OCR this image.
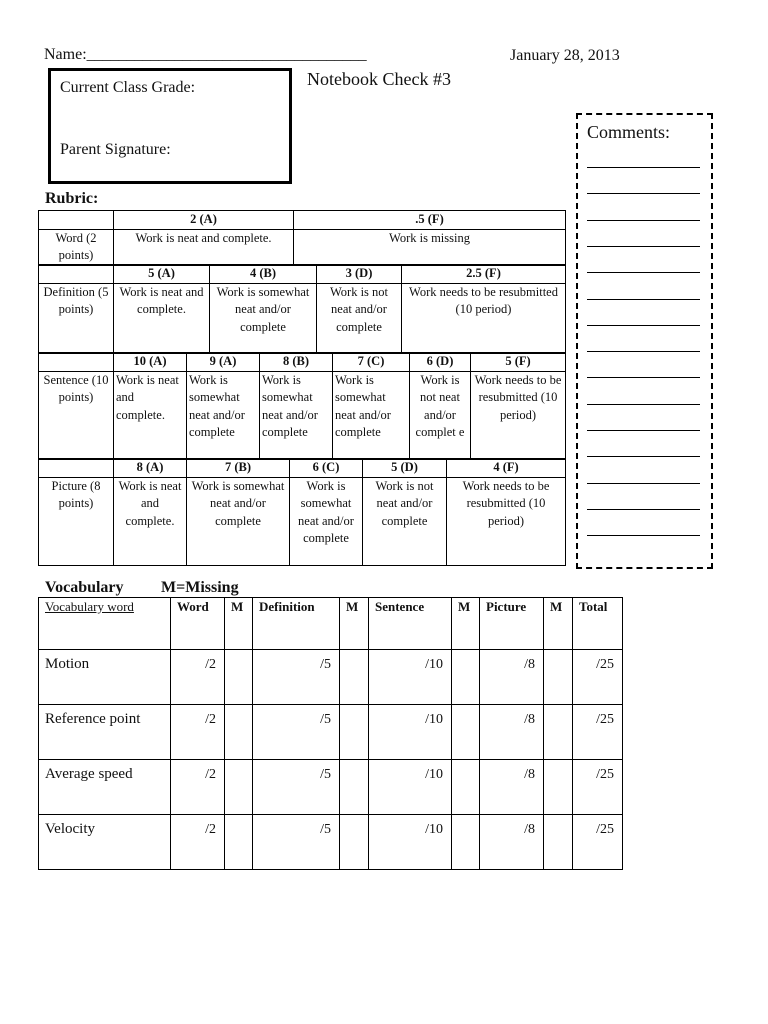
Name:___________________________________	January 28, 2013
Notebook Check #3
Current Class Grade:
Parent Signature:
Rubric:
Comments:
	2 (A)	.5 (F)
Word (2 points)	Work is neat and complete.	Work is missing
	5 (A)	4 (B)	3 (D)	2.5 (F)
Definition (5 points)	Work is neat and complete.	Work is somewhat neat and/or complete	Work is not neat and/or complete	Work needs to be resubmitted (10 period)
	10 (A)	9 (A)	8 (B)	7 (C)	6 (D)	5 (F)
Sentence (10 points)	Work is neat and complete.	Work is somewhat neat and/or complete	Work is somewhat neat and/or complete	Work is somewhat neat and/or complete	Work is not neat and/or complet e	Work needs to be resubmitted (10 period)
	8 (A)	7 (B)	6 (C)	5 (D)	4 (F)
Picture (8 points)	Work is neat and complete.	Work is somewhat neat and/or complete	Work is somewhat neat and/or complete	Work is not neat and/or complete	Work needs to be resubmitted (10 period)
Vocabulary M=Missing
Vocabulary word	Word	M	Definition	M	Sentence	M	Picture	M	Total
Motion	/2		/5		/10		/8		/25
Reference point	/2		/5		/10		/8		/25
Average speed	/2		/5		/10		/8		/25
Velocity	/2		/5		/10		/8		/25
